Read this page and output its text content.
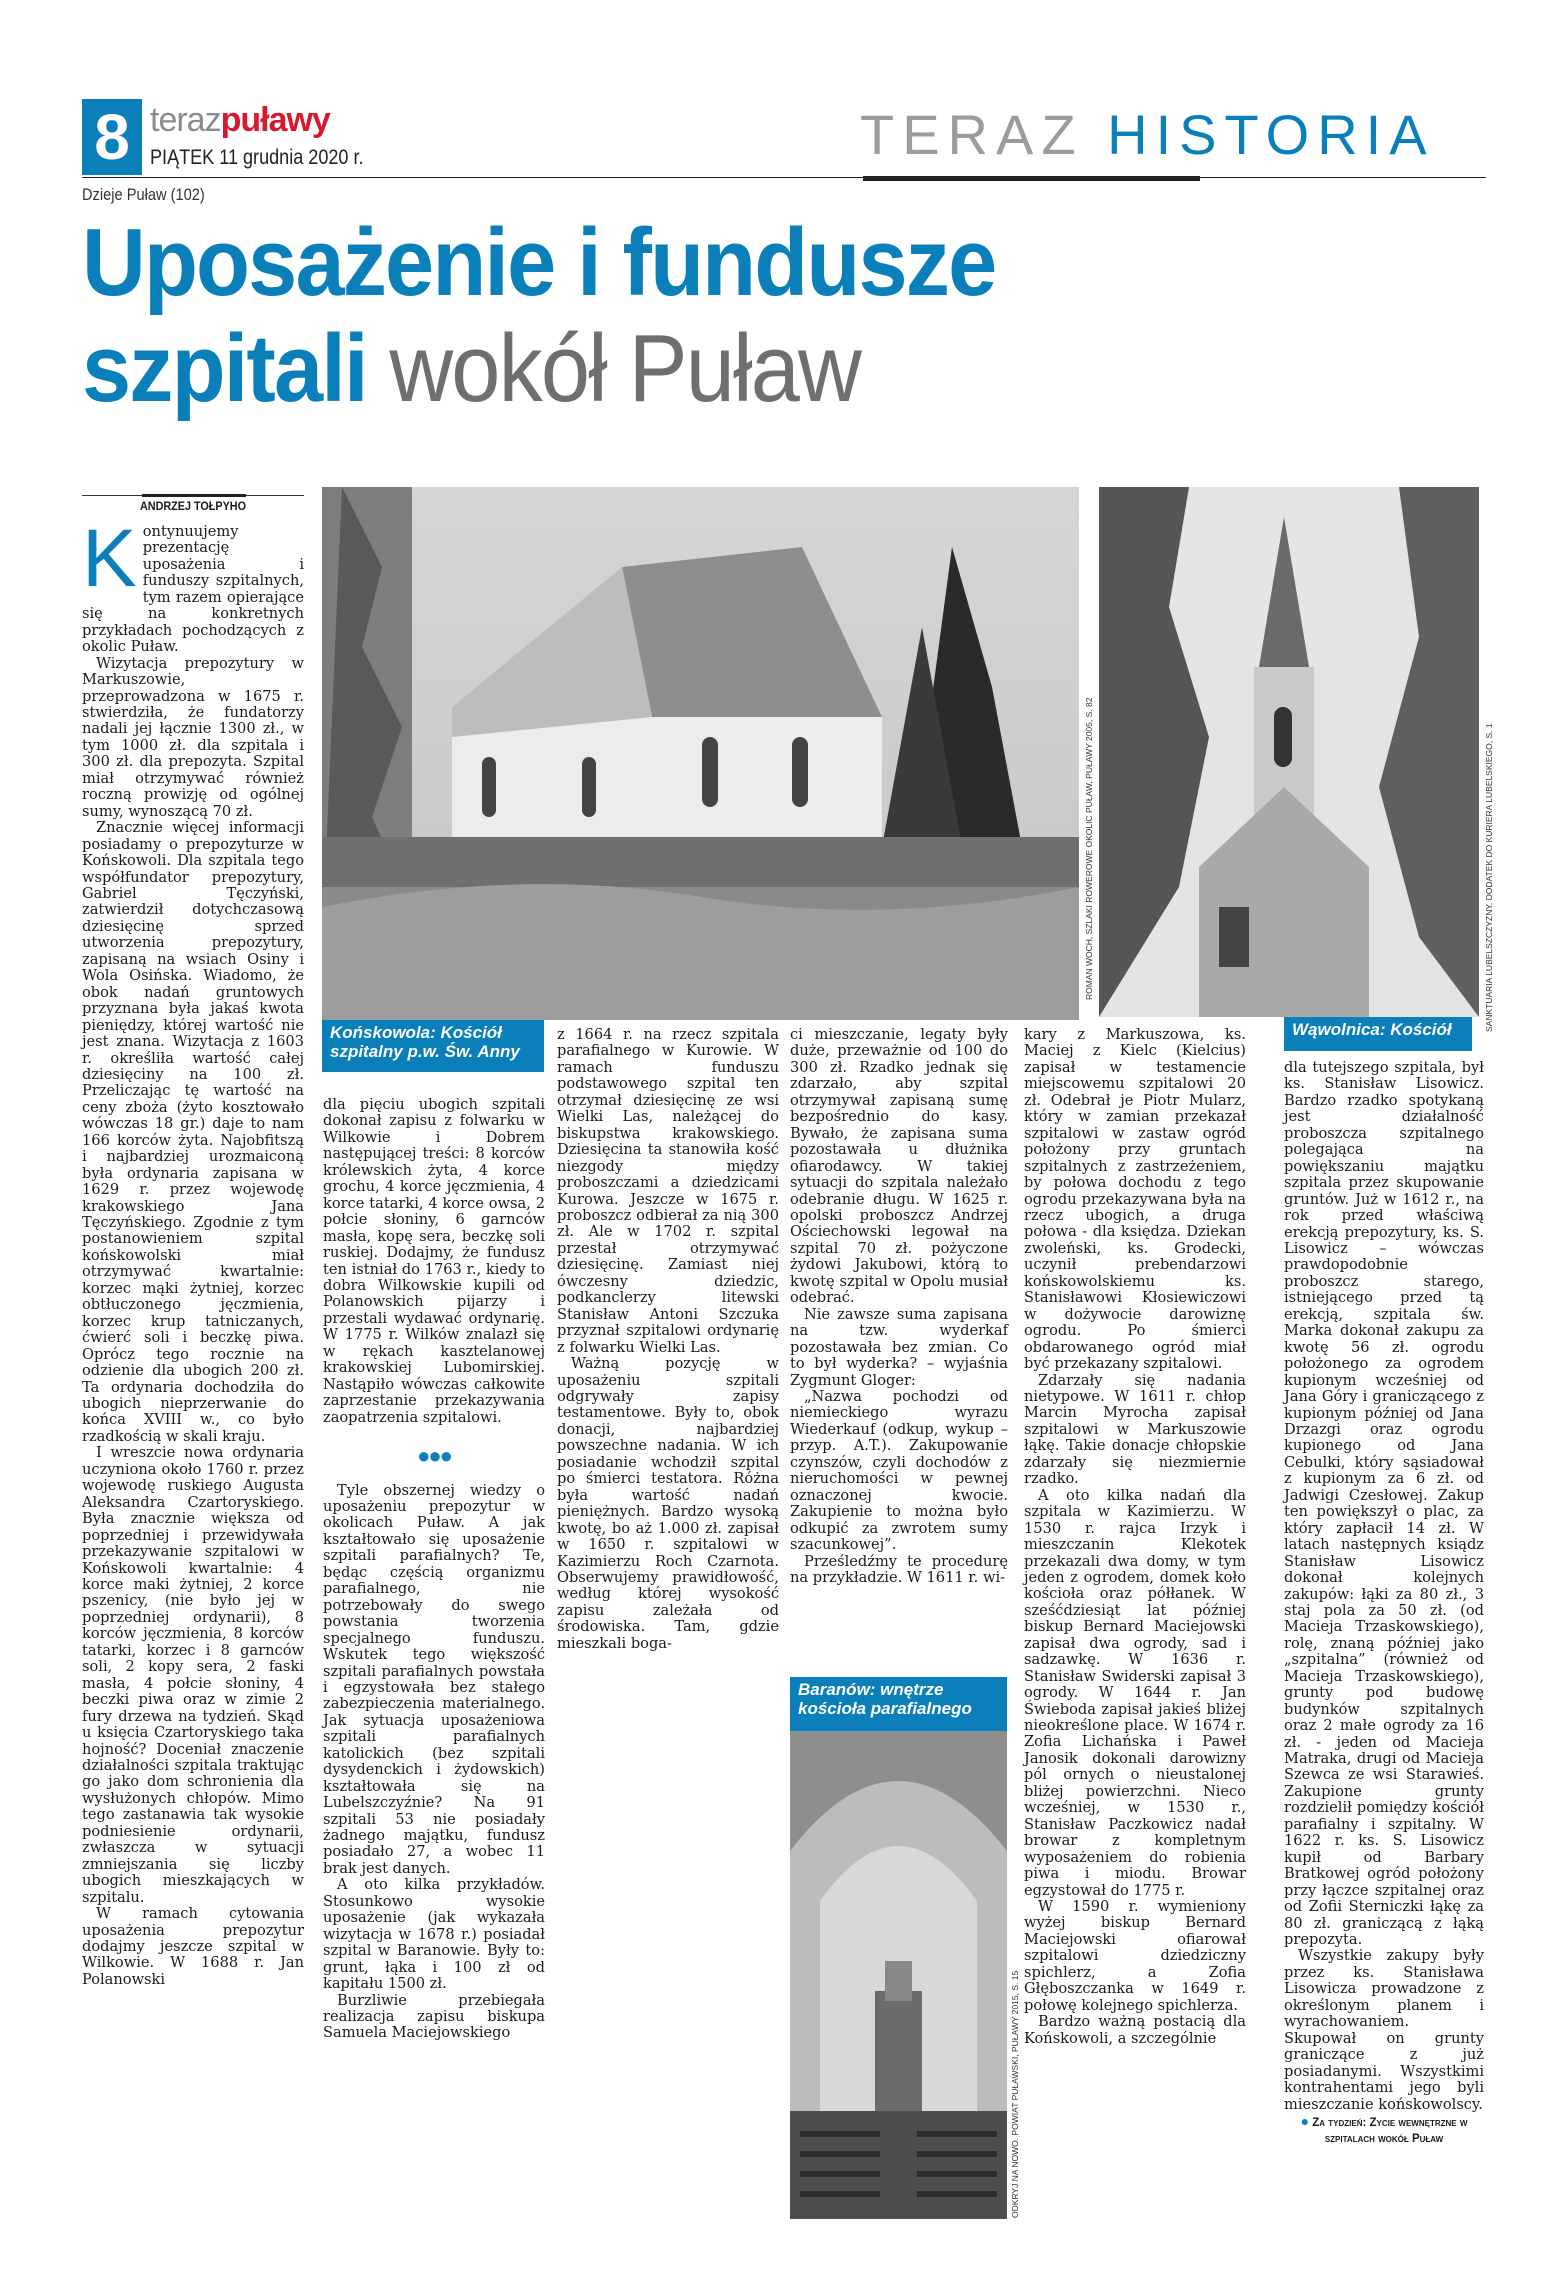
8 terazpuławy
PIĄTEK 11 grudnia 2020 r.	TERAZ HISTORIA
Dzieje Puław (102)
Uposażenie i fundusze
szpitali wokół Puław
ANDRZEJ TOŁPYHO
ROMAN WOCH, SZLAKI ROWEROWE OKOLIC PUŁAW, PUŁAWY 2005, S. 82
Końskowola: Kościół szpitalny p.w. Św. Anny
SANKTUARIA LUBELSZCZYZNY. DODATEK DO KURIERA LUBELSKIEGO, S. 1
Wąwolnica: Kościół
Baranów: wnętrze kościoła parafialnego
ODKRYJ NA NOWO. POWIAT PUŁAWSKI, PUŁAWY 2015, S. 15

Kontynuujemy prezentację uposażenia i funduszy szpitalnych, tym razem opierające się na konkretnych przykładach pochodzących z okolic Puław.

Wizytacja prepozytury w Markuszowie, przeprowadzona w 1675 r. stwierdziła, że fundatorzy nadali jej łącznie 1300 zł., w tym 1000 zł. dla szpitala i 300 zł. dla prepozyta. Szpital miał otrzymywać również roczną prowizję od ogólnej sumy, wynoszącą 70 zł.

Znacznie więcej informacji posiadamy o prepozyturze w Końskowoli. Dla szpitala tego współfundator prepozytury, Gabriel Tęczyński, zatwierdził dotychczasową dziesięcinę sprzed utworzenia prepozytury, zapisaną na wsiach Osiny i Wola Osińska. Wiadomo, że obok nadań gruntowych przyznana była jakaś kwota pieniędzy, której wartość nie jest znana. Wizytacja z 1603 r. określiła wartość całej dziesięciny na 100 zł. Przeliczając tę wartość na ceny zboża (żyto kosztowało wówczas 18 gr.) daje to nam 166 korców żyta. Najobfitszą i najbardziej urozmaiconą była ordynaria zapisana w 1629 r. przez wojewodę krakowskiego Jana Tęczyńskiego. Zgodnie z tym postanowieniem szpital końskowolski miał otrzymywać kwartalnie: korzec mąki żytniej, korzec obtłuczonego jęczmienia, korzec krup tatniczanych, ćwierć soli i beczkę piwa. Oprócz tego rocznie na odzienie dla ubogich 200 zł. Ta ordynaria dochodziła do ubogich nieprzerwanie do końca XVIII w., co było rzadkością w skali kraju.

I wreszcie nowa ordynaria uczyniona około 1760 r. przez wojewodę ruskiego Augusta Aleksandra Czartoryskiego. Była znacznie większa od poprzedniej i przewidywała przekazywanie szpitalowi w Końskowoli kwartalnie: 4 korce maki żytniej, 2 korce pszenicy, (nie było jej w poprzedniej ordynarii), 8 korców jęczmienia, 8 korców tatarki, korzec i 8 garnców soli, 2 kopy sera, 2 faski masła, 4 połcie słoniny, 4 beczki piwa oraz w zimie 2 fury drzewa na tydzień. Skąd u księcia Czartoryskiego taka hojność? Doceniał znaczenie działalności szpitala traktując go jako dom schronienia dla wysłużonych chłopów. Mimo tego zastanawia tak wysokie podniesienie ordynarii, zwłaszcza w sytuacji zmniejszania się liczby ubogich mieszkających w szpitalu.

W ramach cytowania uposażenia prepozytur dodajmy jeszcze szpital w Wilkowie. W 1688 r. Jan Polanowski

dla pięciu ubogich szpitali dokonał zapisu z folwarku w Wilkowie i Dobrem następującej treści: 8 korców królewskich żyta, 4 korce grochu, 4 korce jęczmienia, 4 korce tatarki, 4 korce owsa, 2 połcie słoniny, 6 garnców masła, kopę sera, beczkę soli ruskiej. Dodajmy, że fundusz ten istniał do 1763 r., kiedy to dobra Wilkowskie kupili od Polanowskich pijarzy i przestali wydawać ordynarię. W 1775 r. Wilków znalazł się w rękach kasztelanowej krakowskiej Lubomirskiej. Nastąpiło wówczas całkowite zaprzestanie przekazywania zaopatrzenia szpitalowi.

●●●

Tyle obszernej wiedzy o uposażeniu prepozytur w okolicach Puław. A jak kształtowało się uposażenie szpitali parafialnych? Te, będąc częścią organizmu parafialnego, nie potrzebowały do swego powstania tworzenia specjalnego funduszu. Wskutek tego większość szpitali parafialnych powstała i egzystowała bez stałego zabezpieczenia materialnego. Jak sytuacja uposażeniowa szpitali parafialnych katolickich (bez szpitali dysydenckich i żydowskich) kształtowała się na Lubelszczyźnie? Na 91 szpitali 53 nie posiadały żadnego majątku, fundusz posiadało 27, a wobec 11 brak jest danych.

A oto kilka przykładów. Stosunkowo wysokie uposażenie (jak wykazała wizytacja w 1678 r.) posiadał szpital w Baranowie. Były to: grunt, łąka i 100 zł od kapitału 1500 zł.

Burzliwie przebiegała realizacja zapisu biskupa Samuela Maciejowskiego

z 1664 r. na rzecz szpitala parafialnego w Kurowie. W ramach funduszu podstawowego szpital ten otrzymał dziesięcinę ze wsi Wielki Las, należącej do biskupstwa krakowskiego. Dziesięcina ta stanowiła kość niezgody między proboszczami a dziedzicami Kurowa. Jeszcze w 1675 r. proboszcz odbierał za nią 300 zł. Ale w 1702 r. szpital przestał otrzymywać dziesięcinę. Zamiast niej ówczesny dziedzic, podkanclerzy litewski Stanisław Antoni Szczuka przyznał szpitalowi ordynarię z folwarku Wielki Las.

Ważną pozycję w uposażeniu szpitali odgrywały zapisy testamentowe. Były to, obok donacji, najbardziej powszechne nadania. W ich posiadanie wchodził szpital po śmierci testatora. Różna była wartość nadań pieniężnych. Bardzo wysoką kwotę, bo aż 1.000 zł. zapisał w 1650 r. szpitalowi w Kazimierzu Roch Czarnota. Obserwujemy prawidłowość, według której wysokość zapisu zależała od środowiska. Tam, gdzie mieszkali boga-

ci mieszczanie, legaty były duże, przeważnie od 100 do 300 zł. Rzadko jednak się zdarzało, aby szpital otrzymywał zapisaną sumę bezpośrednio do kasy. Bywało, że zapisana suma pozostawała u dłużnika ofiarodawcy. W takiej sytuacji do szpitala należało odebranie długu. W 1625 r. opolski proboszcz Andrzej Ościechowski legował na szpital 70 zł. pożyczone żydowi Jakubowi, którą to kwotę szpital w Opolu musiał odebrać.

Nie zawsze suma zapisana na tzw. wyderkaf pozostawała bez zmian. Co to był wyderka? – wyjaśnia Zygmunt Gloger:

„Nazwa pochodzi od niemieckiego wyrazu Wiederkauf (odkup, wykup – przyp. A.T.). Zakupowanie czynszów, czyli dochodów z nieruchomości w pewnej oznaczonej kwocie. Zakupienie to można było odkupić za zwrotem sumy szacunkowej”.

Prześledźmy te procedurę na przykładzie. W 1611 r. wi-

kary z Markuszowa, ks. Maciej z Kielc (Kielcius) zapisał w testamencie miejscowemu szpitalowi 20 zł. Odebrał je Piotr Mularz, który w zamian przekazał szpitalowi w zastaw ogród położony przy gruntach szpitalnych z zastrzeżeniem, by połowa dochodu z tego ogrodu przekazywana była na rzecz ubogich, a druga połowa - dla księdza. Dziekan zwoleński, ks. Grodecki, uczynił prebendarzowi końskowolskiemu ks. Stanisławowi Kłosiewiczowi w dożywocie darowiznę ogrodu. Po śmierci obdarowanego ogród miał być przekazany szpitalowi.

Zdarzały się nadania nietypowe. W 1611 r. chłop Marcin Myrocha zapisał szpitalowi w Markuszowie łąkę. Takie donacje chłopskie zdarzały się niezmiernie rzadko.

A oto kilka nadań dla szpitala w Kazimierzu. W 1530 r. rajca Irzyk i mieszczanin Klekotek przekazali dwa domy, w tym jeden z ogrodem, domek koło kościoła oraz półłanek. W sześćdziesiąt lat później biskup Bernard Maciejowski zapisał dwa ogrody, sad i sadzawkę. W 1636 r. Stanisław Swiderski zapisał 3 ogrody. W 1644 r. Jan Świeboda zapisał jakieś bliżej nieokreślone place. W 1674 r. Zofia Lichańska i Paweł Janosik dokonali darowizny pól ornych o nieustalonej bliżej powierzchni. Nieco wcześniej, w 1530 r., Stanisław Paczkowicz nadał browar z kompletnym wyposażeniem do robienia piwa i miodu. Browar egzystował do 1775 r.

W 1590 r. wymieniony wyżej biskup Bernard Maciejowski ofiarował szpitalowi dziedziczny spichlerz, a Zofia Głęboszczanka w 1649 r. połowę kolejnego spichlerza.

Bardzo ważną postacią dla Końskowoli, a szczególnie

dla tutejszego szpitala, był ks. Stanisław Lisowicz. Bardzo rzadko spotykaną jest działalność proboszcza szpitalnego polegająca na powiększaniu majątku szpitala przez skupowanie gruntów. Już w 1612 r., na rok przed właściwą erekcją prepozytury, ks. S. Lisowicz – wówczas prawdopodobnie proboszcz starego, istniejącego przed tą erekcją, szpitala św. Marka dokonał zakupu za kwotę 56 zł. ogrodu położonego za ogrodem kupionym wcześniej od Jana Góry i graniczącego z kupionym później od Jana Drzazgi oraz ogrodu kupionego od Jana Cebulki, który sąsiadował z kupionym za 6 zł. od Jadwigi Czesłowej. Zakup ten powiększył o plac, za który zapłacił 14 zł. W latach następnych ksiądz Stanisław Lisowicz dokonał kolejnych zakupów: łąki za 80 zł., 3 staj pola za 50 zł. (od Macieja Trzaskowskiego), rolę, znaną później jako „szpitalna” (również od Macieja Trzaskowskiego), grunty pod budowę budynków szpitalnych oraz 2 małe ogrody za 16 zł. - jeden od Macieja Matraka, drugi od Macieja Szewca ze wsi Starawieś. Zakupione grunty rozdzielił pomiędzy kościół parafialny i szpitalny. W 1622 r. ks. S. Lisowicz kupił od Barbary Bratkowej ogród położony przy łączce szpitalnej oraz od Zofii Sterniczki łąkę za 80 zł. graniczącą z łąką prepozyta.

Wszystkie zakupy były przez ks. Stanisława Lisowicza prowadzone z określonym planem i wyrachowaniem. Skupował on grunty graniczące z już posiadanymi. Wszystkimi kontrahentami jego byli mieszczanie końskowolscy.

● Za tydzień: Zycie wewnętrzne w szpitalach wokół Puław
